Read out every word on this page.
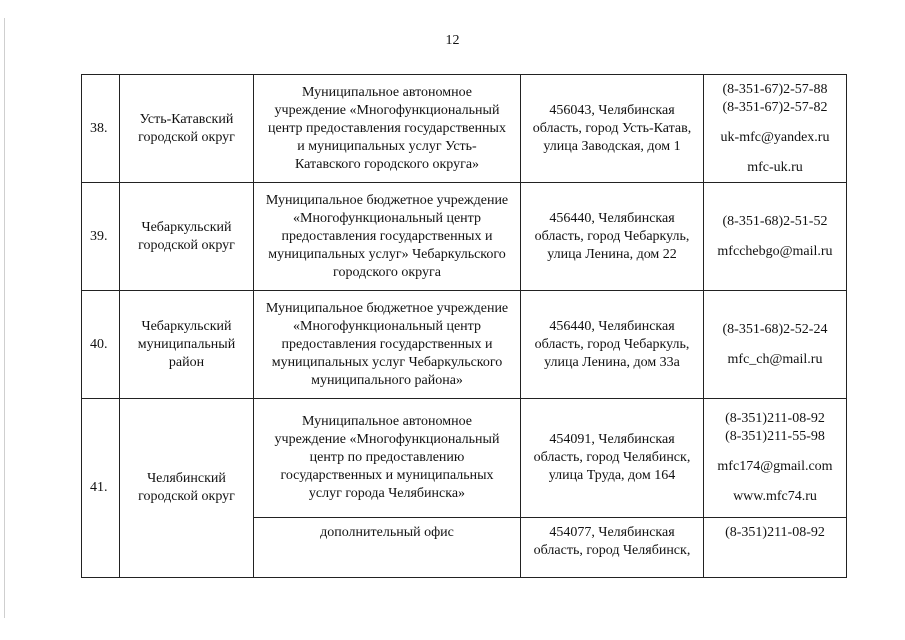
12
38.	Усть-Катавский
городской округ	Муниципальное автономное
учреждение «Многофункциональный
центр предоставления государственных
и муниципальных услуг Усть-
Катавского городского округа»	456043, Челябинская
область, город Усть-Катав,
улица Заводская, дом 1	(8-351-67)2-57-88
(8-351-67)2-57-82
uk-mfc@yandex.ru
mfc-uk.ru

39.	Чебаркульский
городской округ	Муниципальное бюджетное учреждение
«Многофункциональный центр
предоставления государственных и
муниципальных услуг» Чебаркульского
городского округа	456440, Челябинская
область, город Чебаркуль,
улица Ленина, дом 22	(8-351-68)2-51-52
mfcchebgo@mail.ru

40.	Чебаркульский
муниципальный
район	Муниципальное бюджетное учреждение
«Многофункциональный центр
предоставления государственных и
муниципальных услуг Чебаркульского
муниципального района»	456440, Челябинская
область, город Чебаркуль,
улица Ленина, дом 33а	(8-351-68)2-52-24
mfc_ch@mail.ru

41.	Челябинский
городской округ	Муниципальное автономное
учреждение «Многофункциональный
центр по предоставлению
государственных и муниципальных
услуг города Челябинска»	454091, Челябинская
область, город Челябинск,
улица Труда, дом 164	(8-351)211-08-92
(8-351)211-55-98
mfc174@gmail.com
www.mfc74.ru

		дополнительный офис	454077, Челябинская
область, город Челябинск,	(8-351)211-08-92
